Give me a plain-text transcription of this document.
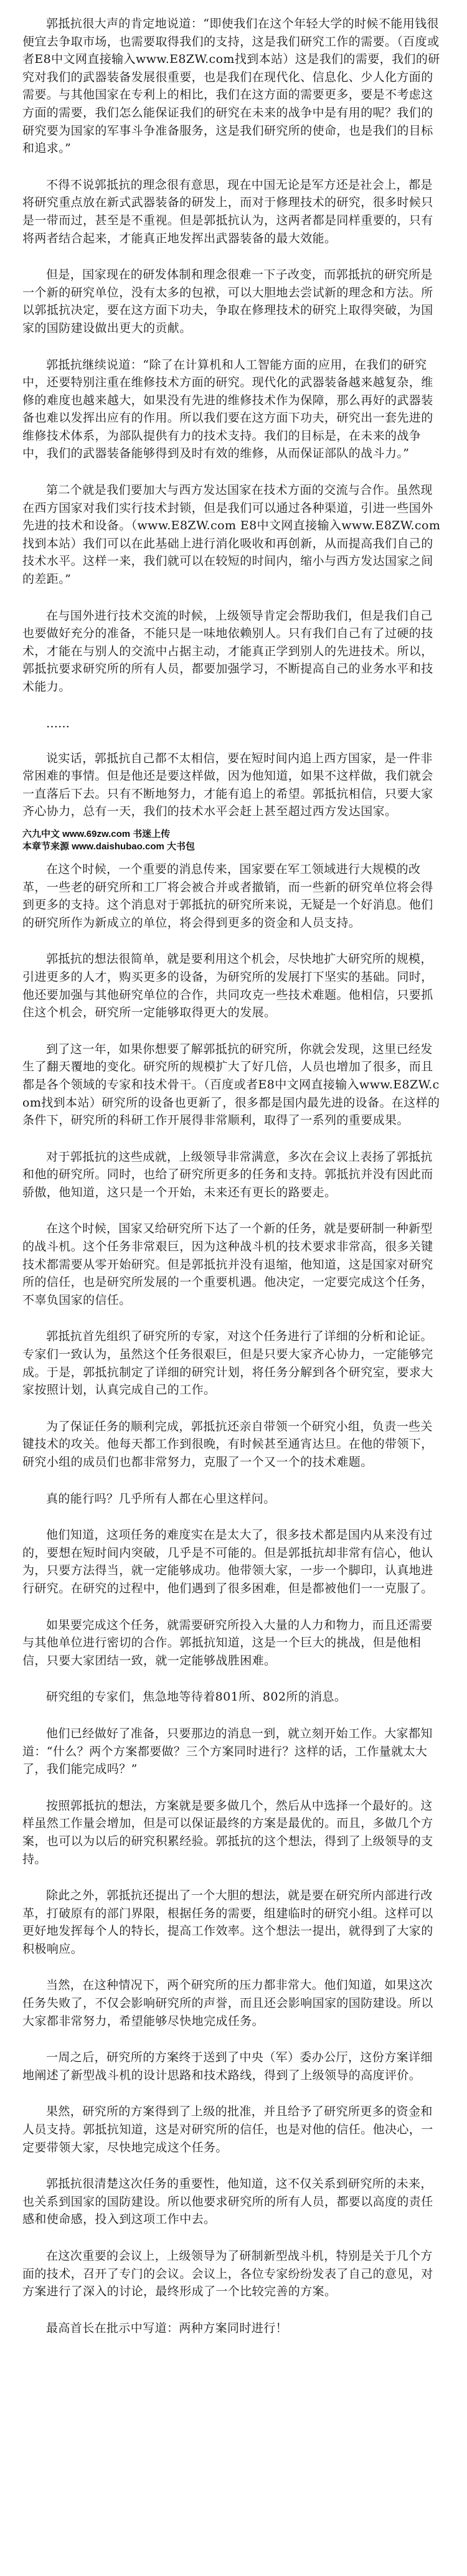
郭抵抗很大声的肯定地说道：“即使我们在这个年轻大学的时候不能用钱很便宜去争取市场，也需要取得我们的支持，这是我们研究工作的需要。（百度或者E8中文网直接输入www.E8ZW.com找到本站）这是我们的需要，我们的研究对我们的武器装备发展很重要，也是我们在现代化、信息化、少人化方面的需要。与其他国家在专利上的相比，我们在这方面的需要更多，要是不考虑这方面的需要，我们怎么能保证我们的研究在未来的战争中是有用的呢？我们的研究要为国家的军事斗争准备服务，这是我们研究所的使命，也是我们的目标和追求。”

不得不说郭抵抗的理念很有意思，现在中国无论是军方还是社会上，都是将研究重点放在新式武器装备的研发上，而对于修理技术的研究，很多时候只是一带而过，甚至是不重视。但是郭抵抗认为，这两者都是同样重要的，只有将两者结合起来，才能真正地发挥出武器装备的最大效能。

但是，国家现在的研发体制和理念很难一下子改变，而郭抵抗的研究所是一个新的研究单位，没有太多的包袱，可以大胆地去尝试新的理念和方法。所以郭抵抗决定，要在这方面下功夫，争取在修理技术的研究上取得突破，为国家的国防建设做出更大的贡献。

郭抵抗继续说道：“除了在计算机和人工智能方面的应用，在我们的研究中，还要特别注重在维修技术方面的研究。现代化的武器装备越来越复杂，维修的难度也越来越大，如果没有先进的维修技术作为保障，那么再好的武器装备也难以发挥出应有的作用。所以我们要在这方面下功夫，研究出一套先进的维修技术体系，为部队提供有力的技术支持。我们的目标是，在未来的战争中，我们的武器装备能够得到及时有效的维修，从而保证部队的战斗力。”

第二个就是我们要加大与西方发达国家在技术方面的交流与合作。虽然现在西方国家对我们实行技术封锁，但是我们可以通过各种渠道，引进一些国外先进的技术和设备。（www.E8ZW.com E8中文网直接输入www.E8ZW.com找到本站）我们可以在此基础上进行消化吸收和再创新，从而提高我们自己的技术水平。这样一来，我们就可以在较短的时间内，缩小与西方发达国家之间的差距。”

在与国外进行技术交流的时候，上级领导肯定会帮助我们，但是我们自己也要做好充分的准备，不能只是一味地依赖别人。只有我们自己有了过硬的技术，才能在与别人的交流中占据主动，才能真正学到别人的先进技术。所以，郭抵抗要求研究所的所有人员，都要加强学习，不断提高自己的业务水平和技术能力。

……

说实话，郭抵抗自己都不太相信，要在短时间内追上西方国家，是一件非常困难的事情。但是他还是要这样做，因为他知道，如果不这样做，我们就会一直落后下去。只有不断地努力，才能有追上的希望。郭抵抗相信，只要大家齐心协力，总有一天，我们的技术水平会赶上甚至超过西方发达国家。

六九中文 www.69zw.com 书迷上传
本章节来源 www.daishubao.com 大书包

在这个时候，一个重要的消息传来，国家要在军工领域进行大规模的改革，一些老的研究所和工厂将会被合并或者撤销，而一些新的研究单位将会得到更多的支持。这个消息对于郭抵抗的研究所来说，无疑是一个好消息。他们的研究所作为新成立的单位，将会得到更多的资金和人员支持。

郭抵抗的想法很简单，就是要利用这个机会，尽快地扩大研究所的规模，引进更多的人才，购买更多的设备，为研究所的发展打下坚实的基础。同时，他还要加强与其他研究单位的合作，共同攻克一些技术难题。他相信，只要抓住这个机会，研究所一定能够取得更大的发展。

到了这一年，如果你想要了解郭抵抗的研究所，你就会发现，这里已经发生了翻天覆地的变化。研究所的规模扩大了好几倍，人员也增加了很多，而且都是各个领域的专家和技术骨干。（百度或者E8中文网直接输入www.E8ZW.com找到本站）研究所的设备也更新了，很多都是国内最先进的设备。在这样的条件下，研究所的科研工作开展得非常顺利，取得了一系列的重要成果。

对于郭抵抗的这些成就，上级领导非常满意，多次在会议上表扬了郭抵抗和他的研究所。同时，也给了研究所更多的任务和支持。郭抵抗并没有因此而骄傲，他知道，这只是一个开始，未来还有更长的路要走。

在这个时候，国家又给研究所下达了一个新的任务，就是要研制一种新型的战斗机。这个任务非常艰巨，因为这种战斗机的技术要求非常高，很多关键技术都需要从零开始研究。但是郭抵抗并没有退缩，他知道，这是国家对研究所的信任，也是研究所发展的一个重要机遇。他决定，一定要完成这个任务，不辜负国家的信任。

郭抵抗首先组织了研究所的专家，对这个任务进行了详细的分析和论证。专家们一致认为，虽然这个任务很艰巨，但是只要大家齐心协力，一定能够完成。于是，郭抵抗制定了详细的研究计划，将任务分解到各个研究室，要求大家按照计划，认真完成自己的工作。

为了保证任务的顺利完成，郭抵抗还亲自带领一个研究小组，负责一些关键技术的攻关。他每天都工作到很晚，有时候甚至通宵达旦。在他的带领下，研究小组的成员们也都非常努力，克服了一个又一个的技术难题。

真的能行吗？几乎所有人都在心里这样问。

他们知道，这项任务的难度实在是太大了，很多技术都是国内从来没有过的，要想在短时间内突破，几乎是不可能的。但是郭抵抗却非常有信心，他认为，只要方法得当，就一定能够成功。他带领大家，一步一个脚印，认真地进行研究。在研究的过程中，他们遇到了很多困难，但是都被他们一一克服了。

如果要完成这个任务，就需要研究所投入大量的人力和物力，而且还需要与其他单位进行密切的合作。郭抵抗知道，这是一个巨大的挑战，但是他相信，只要大家团结一致，就一定能够战胜困难。

研究组的专家们，焦急地等待着801所、802所的消息。

他们已经做好了准备，只要那边的消息一到，就立刻开始工作。大家都知道：“什么？两个方案都要做？三个方案同时进行？这样的话，工作量就太大了，我们能完成吗？”

按照郭抵抗的想法，方案就是要多做几个，然后从中选择一个最好的。这样虽然工作量会增加，但是可以保证最终的方案是最优的。而且，多做几个方案，也可以为以后的研究积累经验。郭抵抗的这个想法，得到了上级领导的支持。

除此之外，郭抵抗还提出了一个大胆的想法，就是要在研究所内部进行改革，打破原有的部门界限，根据任务的需要，组建临时的研究小组。这样可以更好地发挥每个人的特长，提高工作效率。这个想法一提出，就得到了大家的积极响应。

当然，在这种情况下，两个研究所的压力都非常大。他们知道，如果这次任务失败了，不仅会影响研究所的声誉，而且还会影响国家的国防建设。所以大家都非常努力，希望能够尽快地完成任务。

一周之后，研究所的方案终于送到了中央（军）委办公厅，这份方案详细地阐述了新型战斗机的设计思路和技术路线，得到了上级领导的高度评价。

果然，研究所的方案得到了上级的批准，并且给予了研究所更多的资金和人员支持。郭抵抗知道，这是对研究所的信任，也是对他的信任。他决心，一定要带领大家，尽快地完成这个任务。

郭抵抗很清楚这次任务的重要性，他知道，这不仅关系到研究所的未来，也关系到国家的国防建设。所以他要求研究所的所有人员，都要以高度的责任感和使命感，投入到这项工作中去。

在这次重要的会议上，上级领导为了研制新型战斗机，特别是关于几个方面的技术，召开了专门的会议。会议上，各位专家纷纷发表了自己的意见，对方案进行了深入的讨论，最终形成了一个比较完善的方案。

最高首长在批示中写道：两种方案同时进行！
